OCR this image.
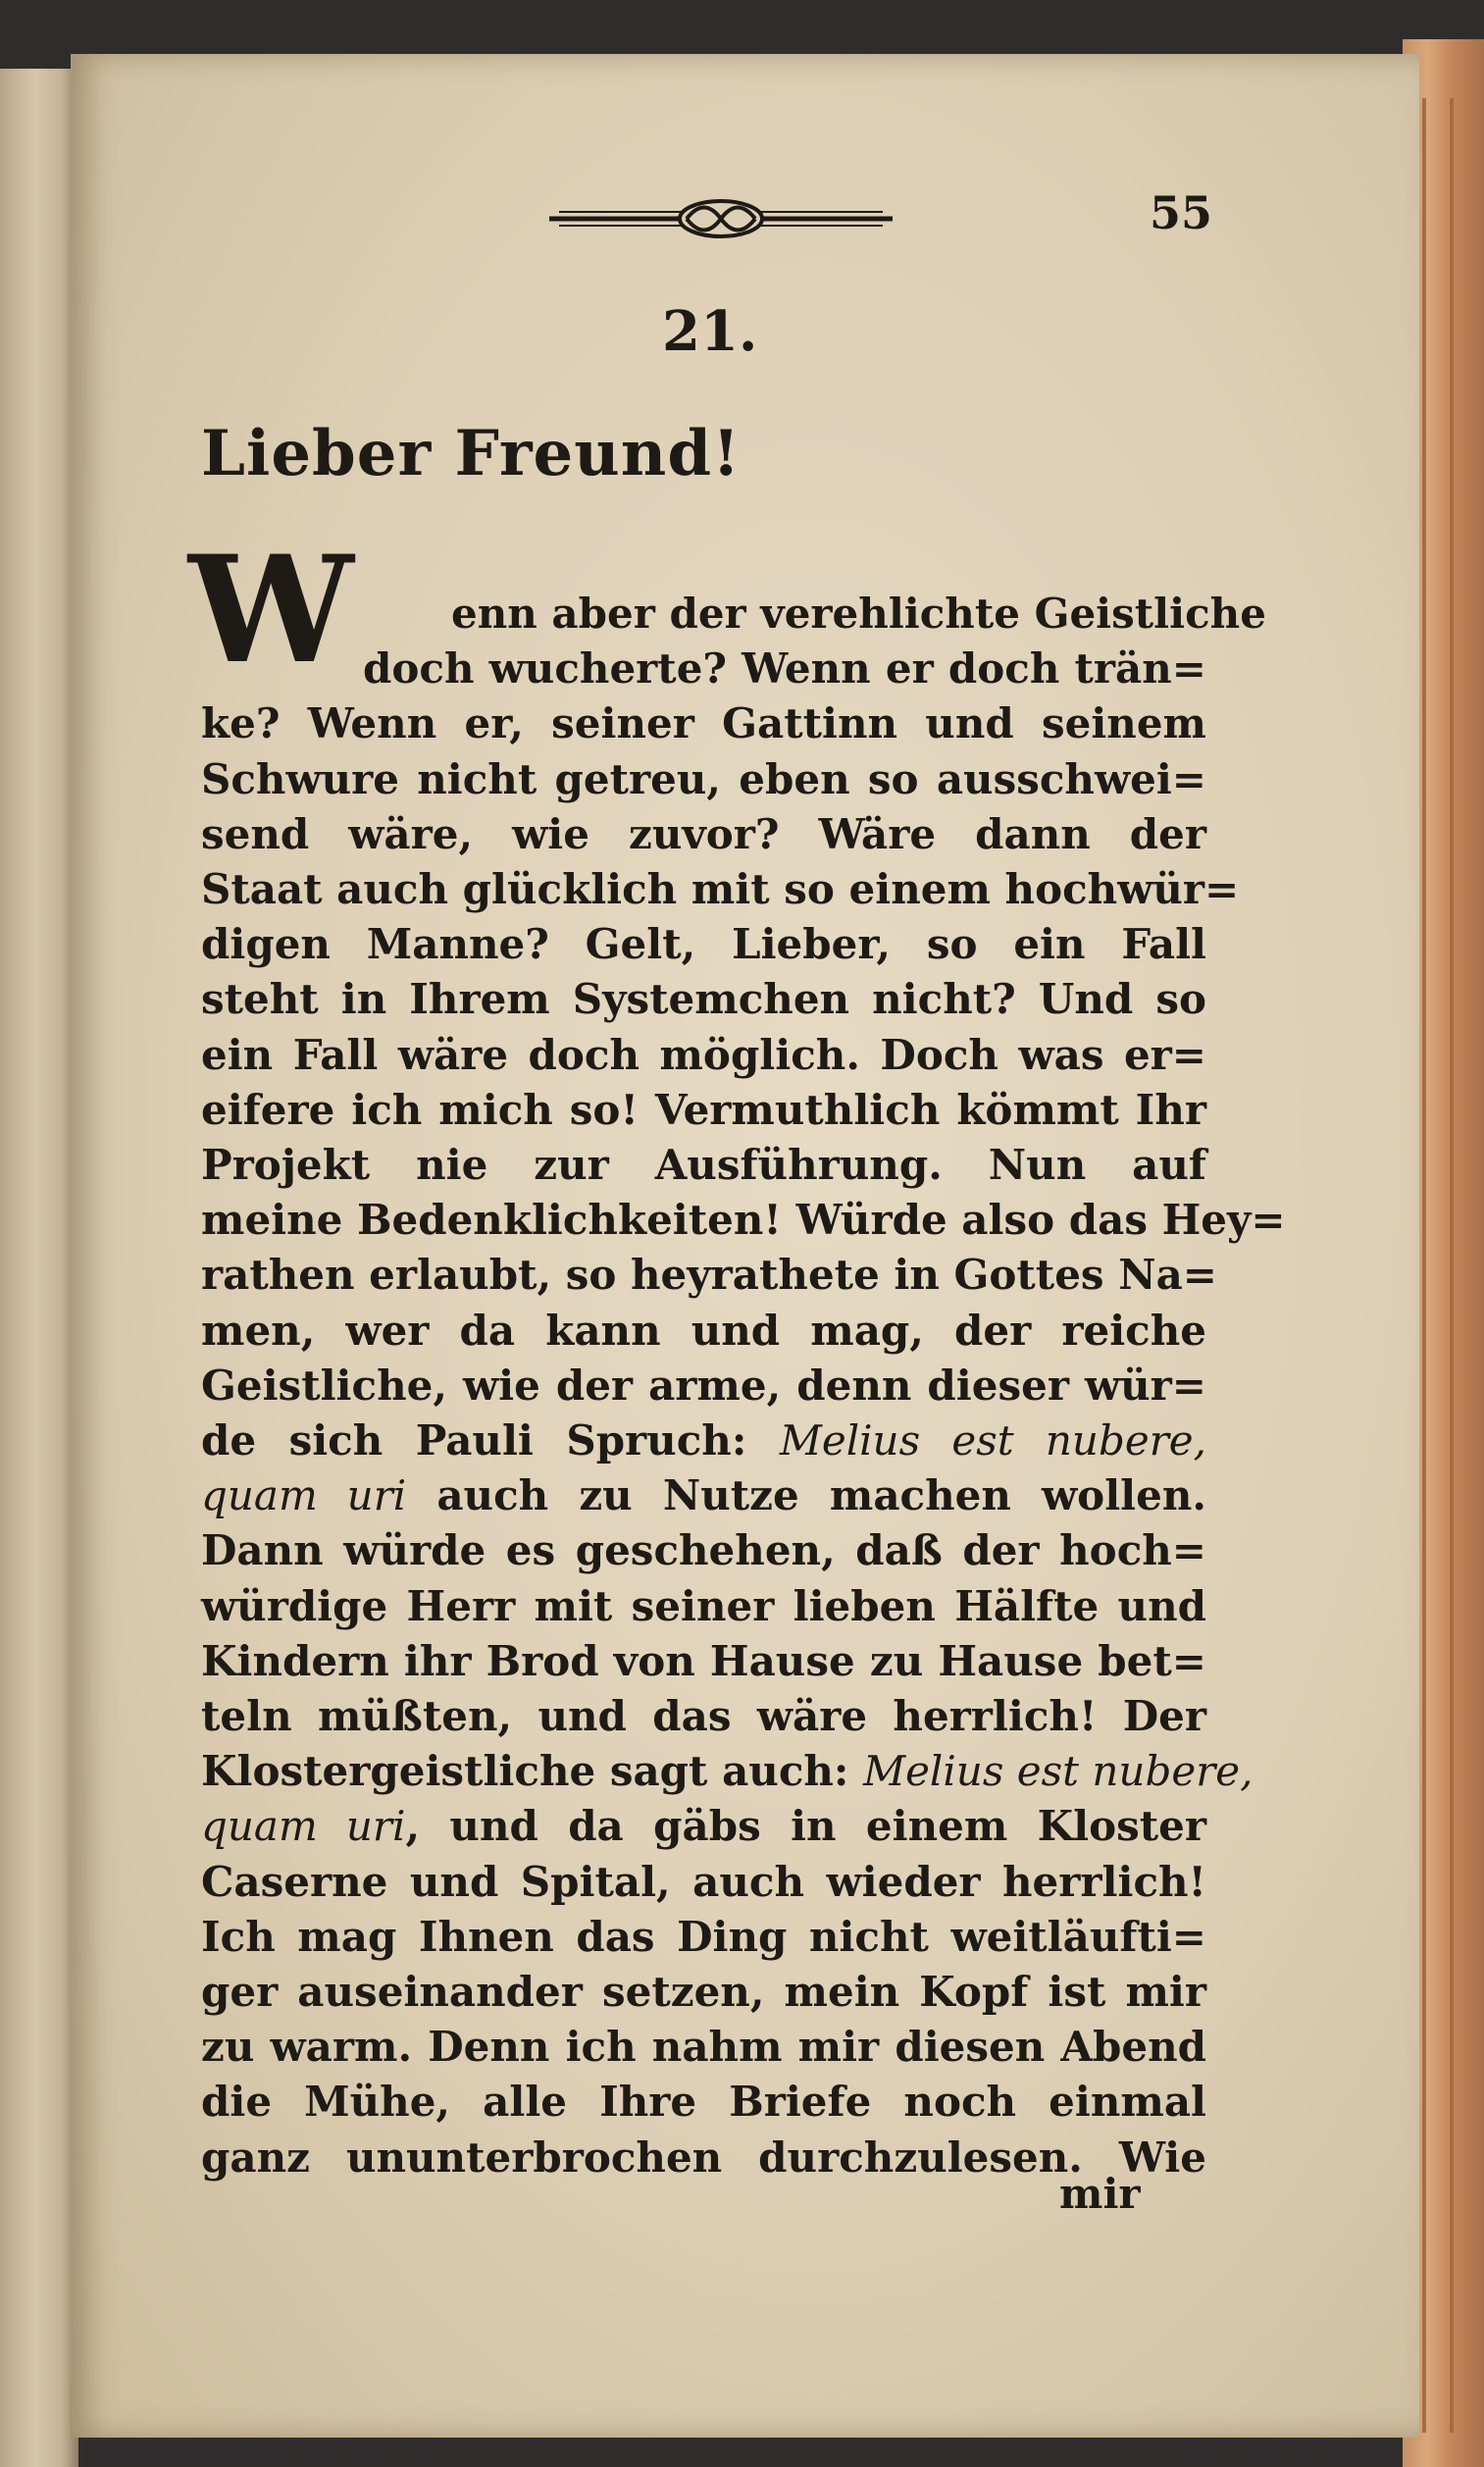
55
21.
Lieber Freund!
W enn aber der verehlichte Geistliche
doch wucherte? Wenn er doch trän=
ke? Wenn er, seiner Gattinn und seinem
Schwure nicht getreu, eben so ausschwei=
send wäre, wie zuvor? Wäre dann der
Staat auch glücklich mit so einem hochwür=
digen Manne? Gelt, Lieber, so ein Fall
steht in Ihrem Systemchen nicht? Und so
ein Fall wäre doch möglich. Doch was er=
eifere ich mich so! Vermuthlich kömmt Ihr
Projekt nie zur Ausführung. Nun auf
meine Bedenklichkeiten! Würde also das Hey=
rathen erlaubt, so heyrathete in Gottes Na=
men, wer da kann und mag, der reiche
Geistliche, wie der arme, denn dieser wür=
de sich Pauli Spruch: Melius est nubere,
quam uri auch zu Nutze machen wollen.
Dann würde es geschehen, daß der hoch=
würdige Herr mit seiner lieben Hälfte und
Kindern ihr Brod von Hause zu Hause bet=
teln müßten, und das wäre herrlich! Der
Klostergeistliche sagt auch: Melius est nubere,
quam uri, und da gäbs in einem Kloster
Caserne und Spital, auch wieder herrlich!
Ich mag Ihnen das Ding nicht weitläufti=
ger auseinander setzen, mein Kopf ist mir
zu warm. Denn ich nahm mir diesen Abend
die Mühe, alle Ihre Briefe noch einmal
ganz ununterbrochen durchzulesen. Wie
mir
